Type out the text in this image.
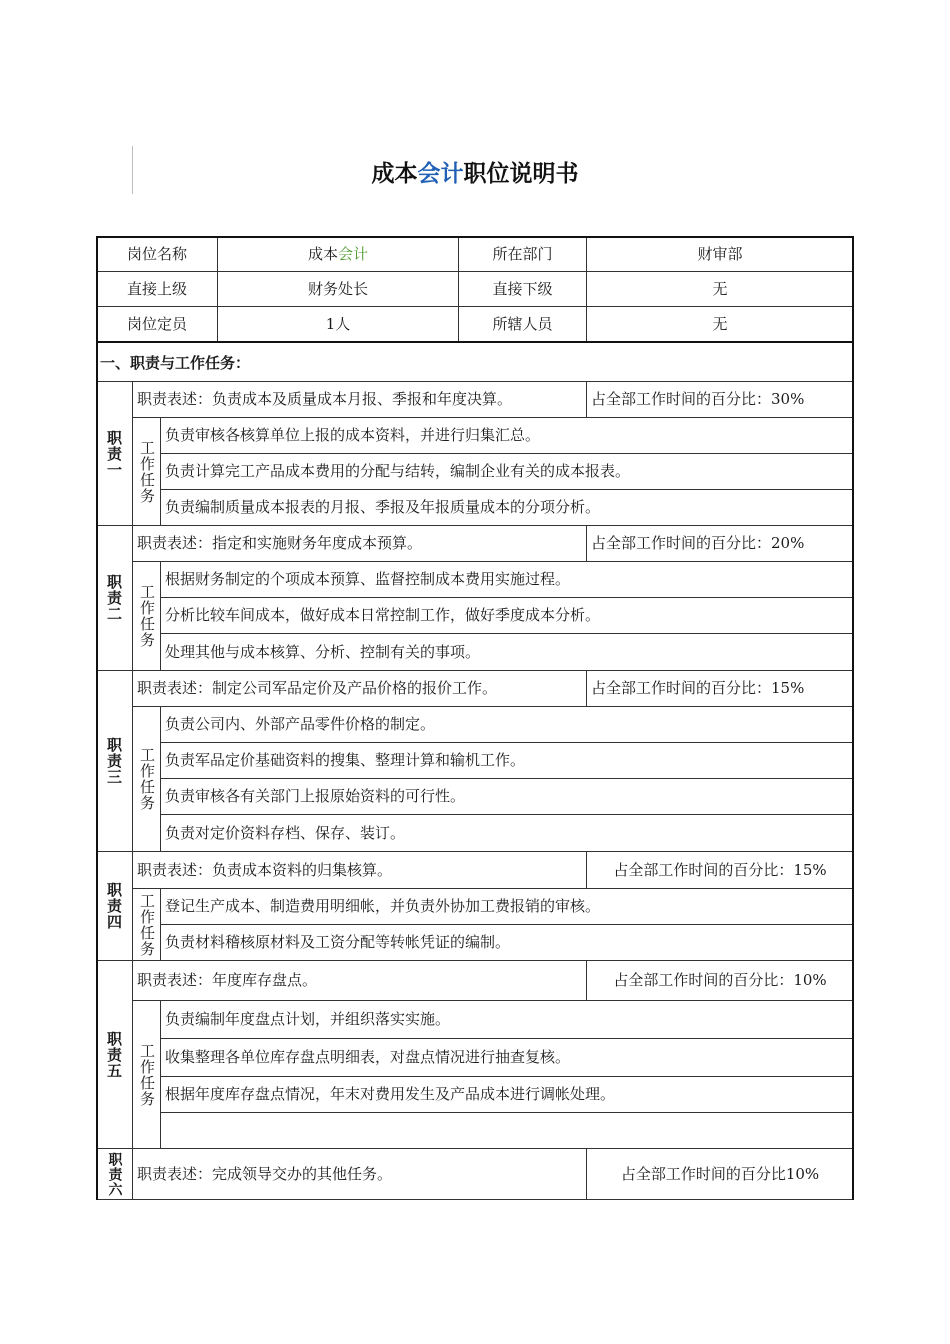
成本会计职位说明书
岗位名称	成本 会计	所在部门	财审部
直接上级	财务处长	直接下级	无
岗位定员	1人	所辖人员	无
一、职责与工作任务：
职责一
职责表述：负责成本及质量成本月报、季报和年度决算。	占全部工作时间的百分比：30%
工作任务
负责审核各核算单位上报的成本资料，并进行归集汇总。
负责计算完工产品成本费用的分配与结转，编制企业有关的成本报表。
负责编制质量成本报表的月报、季报及年报质量成本的分项分析。
职责二
职责表述：指定和实施财务年度成本预算。	占全部工作时间的百分比：20%
工作任务
根据财务制定的个项成本预算、监督控制成本费用实施过程。
分析比较车间成本，做好成本日常控制工作，做好季度成本分析。
处理其他与成本核算、分析、控制有关的事项。
职责三
职责表述：制定公司军品定价及产品价格的报价工作。	占全部工作时间的百分比：15%
工作任务
负责公司内、外部产品零件价格的制定。
负责军品定价基础资料的搜集、整理计算和输机工作。
负责审核各有关部门上报原始资料的可行性。
负责对定价资料存档、保存、装订。
职责四
职责表述：负责成本资料的归集核算。	占全部工作时间的百分比：15%
工作任务 登记生产成本、制造费用明细帐，并负责外协加工费报销的审核。
负责材料稽核原材料及工资分配等转帐凭证的编制。
职责五
职责表述：年度库存盘点。	占全部工作时间的百分比：10%
工作任务
负责编制年度盘点计划，并组织落实实施。
收集整理各单位库存盘点明细表，对盘点情况进行抽查复核。
根据年度库存盘点情况，年末对费用发生及产品成本进行调帐处理。
职责六 职责表述：完成领导交办的其他任务。	占全部工作时间的百分比10%
